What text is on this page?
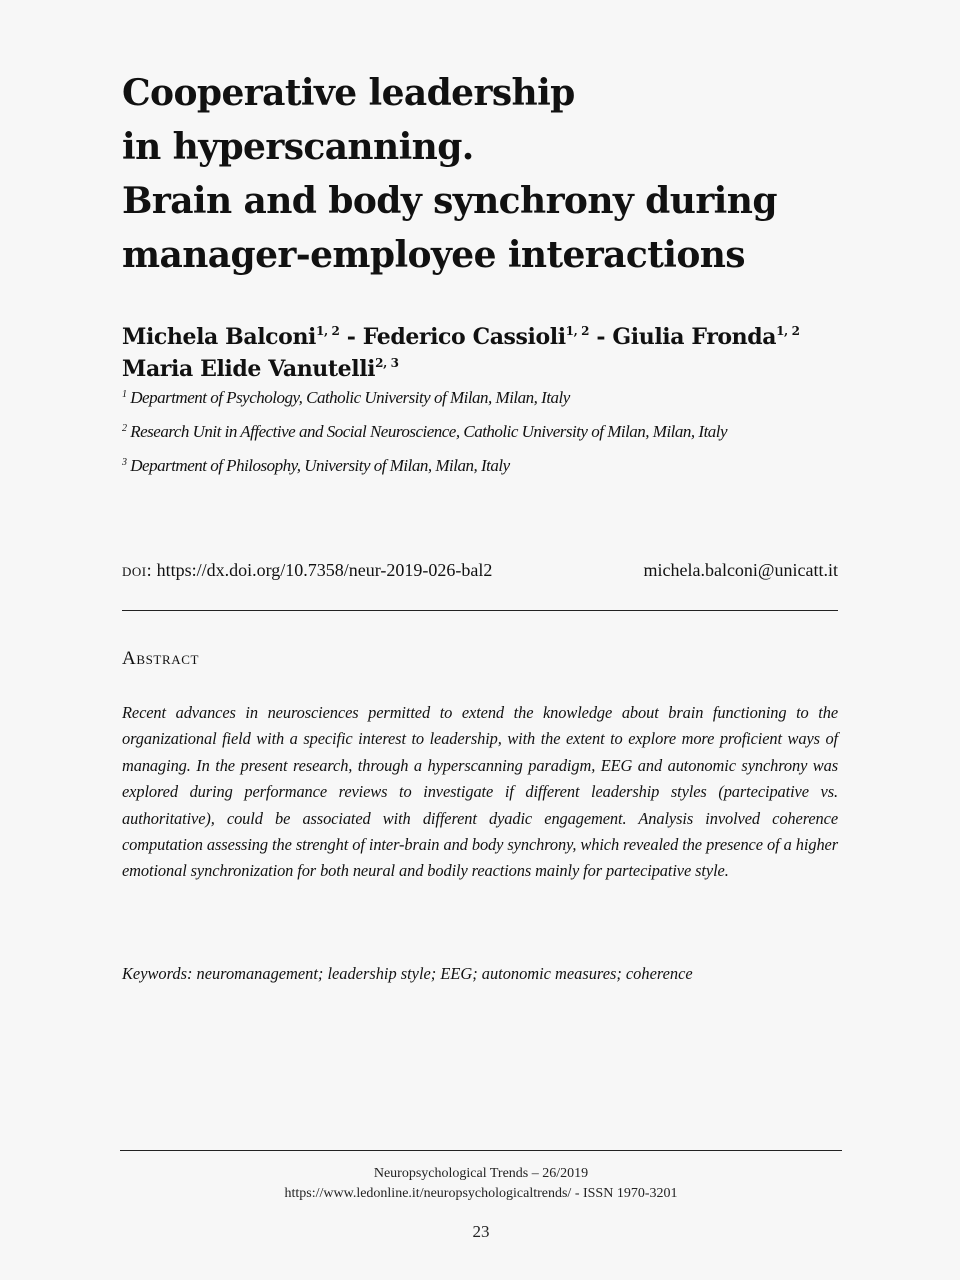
Cooperative leadership
in hyperscanning.
Brain and body synchrony during
manager-employee interactions
Michela Balconi$^{1, 2}$ - Federico Cassioli$^{1, 2}$ - Giulia Fronda$^{1, 2}$
Maria Elide Vanutelli$^{2, 3}$
$^1$ Department of Psychology, Catholic University of Milan, Milan, Italy
$^2$ Research Unit in Affective and Social Neuroscience, Catholic University of Milan, Milan, Italy
$^3$ Department of Philosophy, University of Milan, Milan, Italy
doi: https://dx.doi.org/10.7358/neur-2019-026-bal2	michela.balconi@unicatt.it
Abstract

Recent advances in neurosciences permitted to extend the knowledge about brain functioning to the organizational field with a specific interest to leadership, with the extent to explore more proficient ways of managing. In the present research, through a hyperscanning paradigm, EEG and autonomic synchrony was explored during performance reviews to investigate if different leadership styles (partecipative vs. authoritative), could be associated with different dyadic engagement. Analysis involved coherence computation assessing the strenght of inter-brain and body synchrony, which revealed the presence of a higher emotional synchronization for both neural and bodily reactions mainly for partecipative style.

Keywords: neuromanagement; leadership style; EEG; autonomic measures; coherence
Neuropsychological Trends – 26/2019
https://www.ledonline.it/neuropsychologicaltrends/ - ISSN 1970-3201
23
